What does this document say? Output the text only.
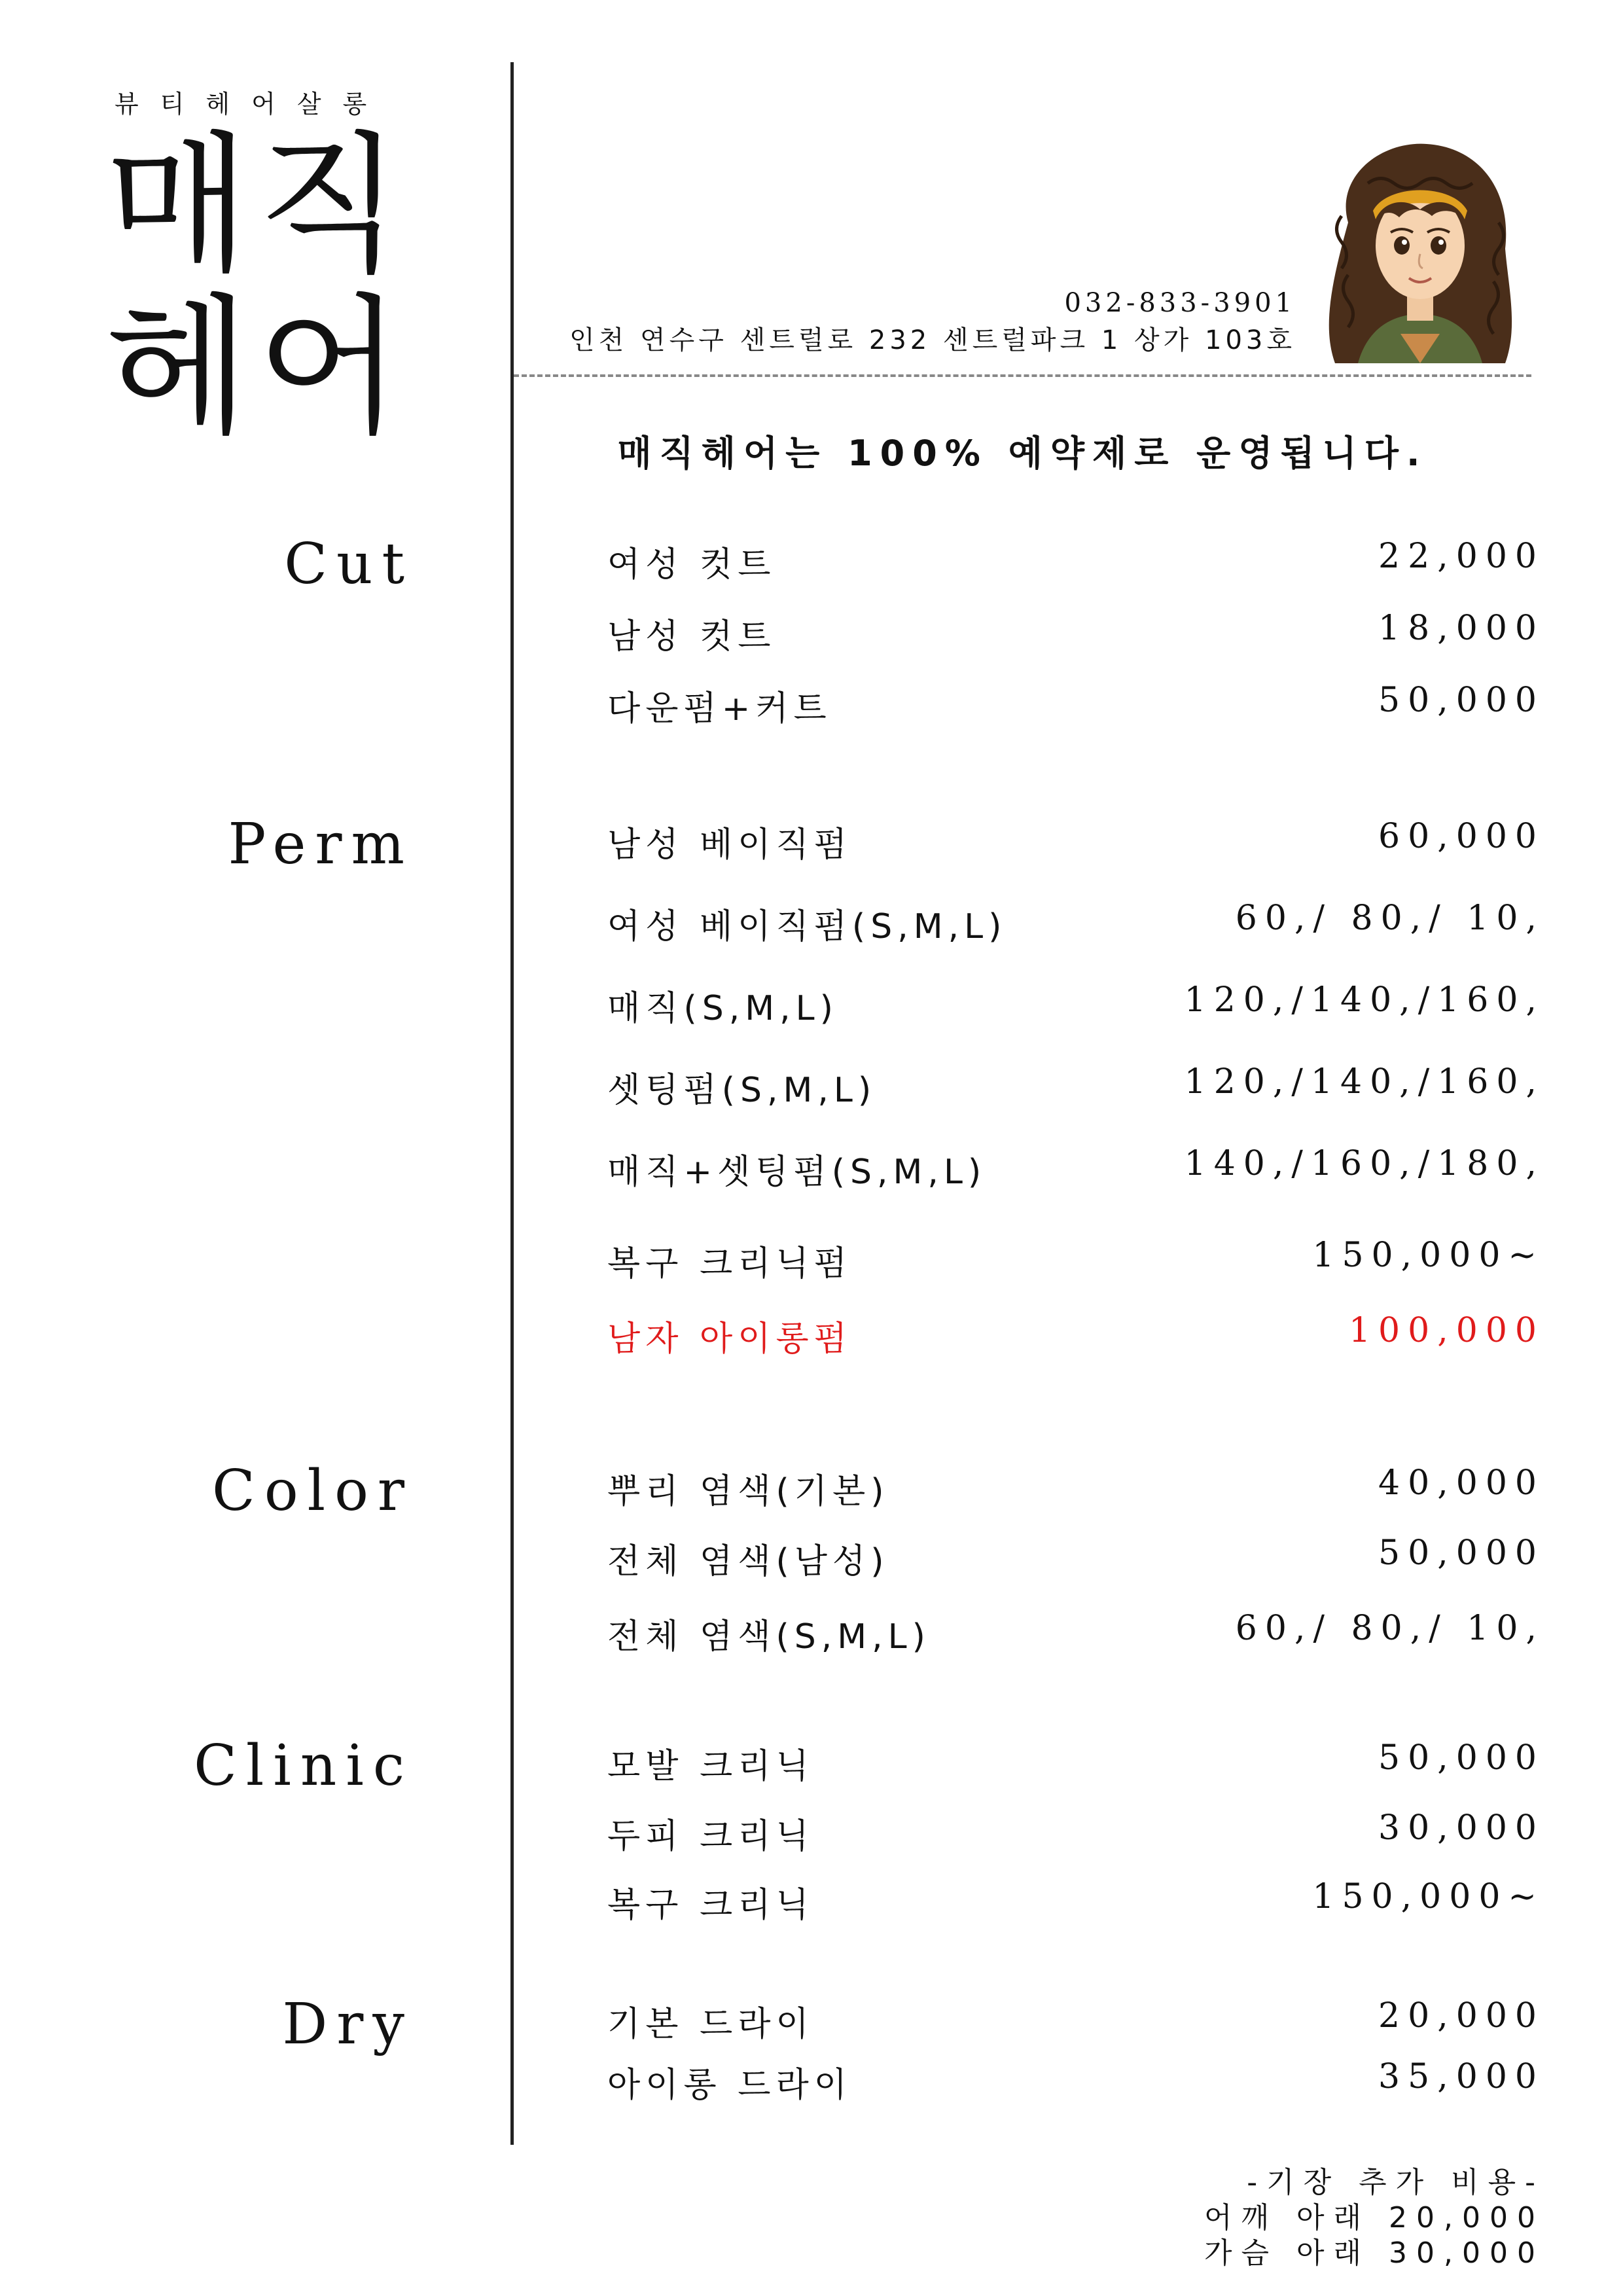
뷰티헤어살롱
매직
헤어	032-833-3901
인천 연수구 센트럴로 232 센트럴파크 1 상가 103호
매직헤어는 100% 예약제로 운영됩니다.
Cut	여성 컷트	22,000
남성 컷트	18,000
다운펌+커트	50,000
Perm	남성 베이직펌	60,000
여성 베이직펌(S,M,L)	60,/ 80,/ 10,
매직(S,M,L)	120,/140,/160,
셋팅펌(S,M,L)	120,/140,/160,
매직+셋팅펌(S,M,L)	140,/160,/180,
복구 크리닉펌	150,000~
남자 아이롱펌	100,000
Color	뿌리 염색(기본)	40,000
전체 염색(남성)	50,000
전체 염색(S,M,L)	60,/ 80,/ 10,
Clinic	모발 크리닉	50,000
두피 크리닉	30,000
복구 크리닉	150,000~
Dry	기본 드라이	20,000
아이롱 드라이	35,000
-기장 추가 비용-
어깨 아래 20,000
가슴 아래 30,000
